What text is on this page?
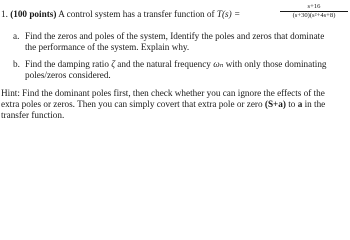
1. (100 points) A control system has a transfer function of T(s) =
s+16
(s+30)(s²+4s+8)
a. Find the zeros and poles of the system, Identify the poles and zeros that dominate
the performance of the system. Explain why.
b. Find the damping ratio ζ and the natural frequency ωₙ with only those dominating
poles/zeros considered.
Hint: Find the dominant poles first, then check whether you can ignore the effects of the
extra poles or zeros. Then you can simply covert that extra pole or zero (S+a) to a in the
transfer function.
